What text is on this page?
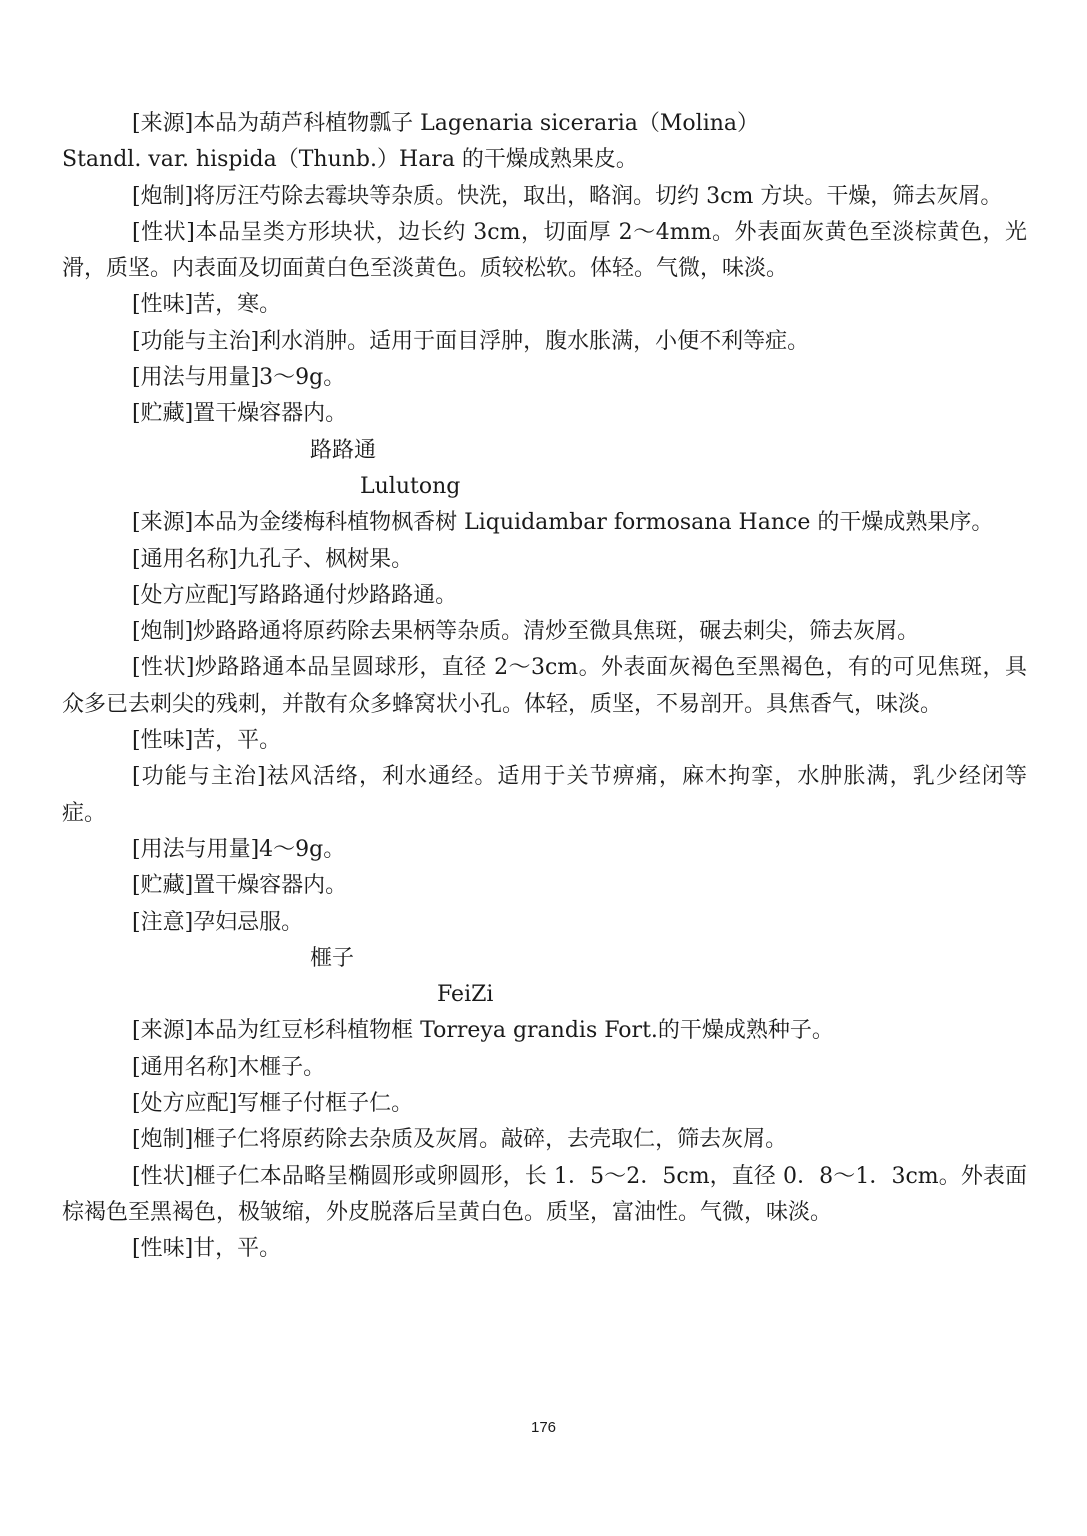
[来源]本品为葫芦科植物瓢子 Lagenaria siceraria（Molina）

Standl. var. hispida（Thunb.）Hara 的干燥成熟果皮。

[炮制]将厉汪芍除去霉块等杂质。快洗，取出，略润。切约 3cm 方块。干燥，筛去灰屑。

[性状]本品呈类方形块状，边长约 3cm，切面厚 2～4mm。外表面灰黄色至淡棕黄色，光滑，质坚。内表面及切面黄白色至淡黄色。质较松软。体轻。气微，味淡。

[性味]苦，寒。

[功能与主治]利水消肿。适用于面目浮肿，腹水胀满，小便不利等症。

[用法与用量]3～9g。

[贮藏]置干燥容器内。

路路通

Lulutong

[来源]本品为金缕梅科植物枫香树 Liquidambar formosana Hance 的干燥成熟果序。

[通用名称]九孔子、枫树果。

[处方应配]写路路通付炒路路通。

[炮制]炒路路通将原药除去果柄等杂质。清炒至微具焦斑，碾去刺尖，筛去灰屑。

[性状]炒路路通本品呈圆球形，直径 2～3cm。外表面灰褐色至黑褐色，有的可见焦斑，具众多已去刺尖的残刺，并散有众多蜂窝状小孔。体轻，质坚，不易剖开。具焦香气，味淡。

[性味]苦，平。

[功能与主治]祛风活络，利水通经。适用于关节痹痛，麻木拘挛，水肿胀满，乳少经闭等症。

[用法与用量]4～9g。

[贮藏]置干燥容器内。

[注意]孕妇忌服。

榧子

FeiZi

[来源]本品为红豆杉科植物框 Torreya grandis Fort.的干燥成熟种子。

[通用名称]木榧子。

[处方应配]写榧子付框子仁。

[炮制]榧子仁将原药除去杂质及灰屑。敲碎，去壳取仁，筛去灰屑。

[性状]榧子仁本品略呈椭圆形或卵圆形，长 1．5～2．5cm，直径 0．8～1．3cm。外表面棕褐色至黑褐色，极皱缩，外皮脱落后呈黄白色。质坚，富油性。气微，味淡。

[性味]甘，平。

176
